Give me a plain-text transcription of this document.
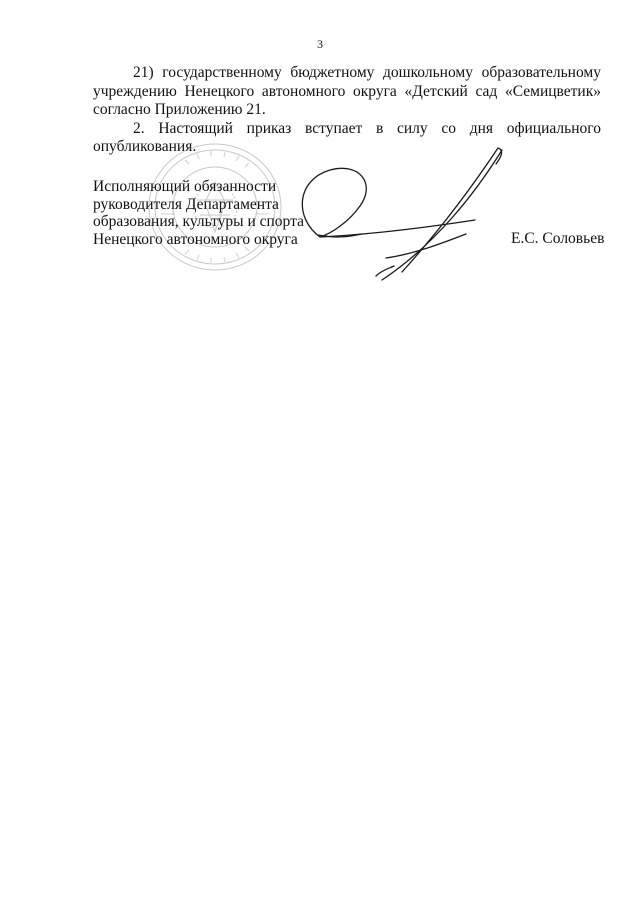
3

21) государственному бюджетному дошкольному образовательному учреждению Ненецкого автономного округа «Детский сад «Семицветик» согласно Приложению 21.

2. Настоящий приказ вступает в силу со дня официального опубликования.

Исполняющий обязанности
руководителя Департамента
образования, культуры и спорта
Ненецкого автономного округа	Е.С. Соловьев
